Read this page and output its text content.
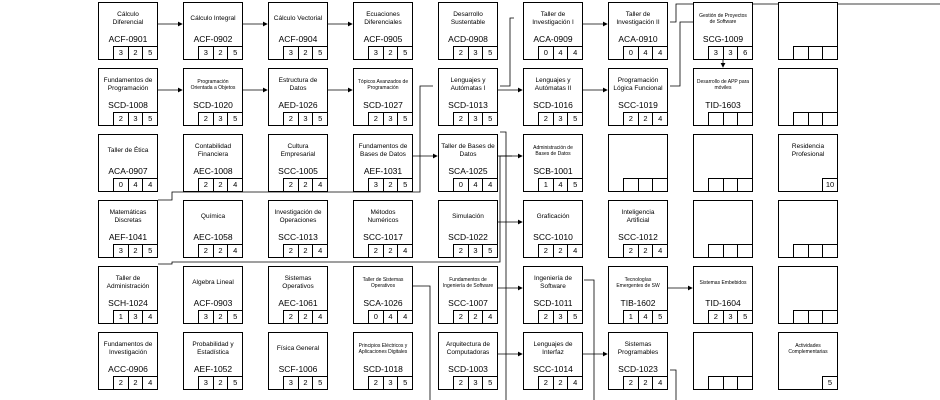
Cálculo Diferencial
ACF-0901
3	2	5
Cálculo Integral
ACF-0902
3	2	5
Cálculo Vectorial
ACF-0904
3	2	5
Ecuaciones Diferenciales
ACF-0905
3	2	5
Desarrollo Sustentable
ACD-0908
2	3	5
Taller de Investigación I
ACA-0909
0	4	4
Taller de Investigación II
ACA-0910
0	4	4
Gestión de Proyectos de Software
SCG-1009
3	3	6
Fundamentos de Programación
SCD-1008
2	3	5
Programación Orientada a Objetos
SCD-1020
2	3	5
Estructura de Datos
AED-1026
2	3	5
Tópicos Avanzados de Programación
SCD-1027
2	3	5
Lenguajes y Autómatas I
SCD-1013
2	3	5
Lenguajes y Autómatas II
SCD-1016
2	3	5
Programación Lógica Funcional
SCC-1019
2	2	4
Desarrollo de APP para móviles
TID-1603
Taller de Ética
ACA-0907
0	4	4
Contabilidad Financiera
AEC-1008
2	2	4
Cultura Empresarial
SCC-1005
2	2	4
Fundamentos de Bases de Datos
AEF-1031
3	2	5
Taller de Bases de Datos
SCA-1025
0	4	4
Administración de Bases de Datos
SCB-1001
1	4	5
Residencia Profesional
10
Matemáticas Discretas
AEF-1041
3	2	5
Química
AEC-1058
2	2	4
Investigación de Operaciones
SCC-1013
2	2	4
Métodos Numéricos
SCC-1017
2	2	4
Simulación
SCD-1022
2	3	5
Graficación
SCC-1010
2	2	4
Inteligencia Artificial
SCC-1012
2	2	4
Taller de Administración
SCH-1024
1	3	4
Algebra Lineal
ACF-0903
3	2	5
Sistemas Operativos
AEC-1061
2	2	4
Taller de Sistemas Operativos
SCA-1026
0	4	4
Fundamentos de Ingeniería de Software
SCC-1007
2	2	4
Ingeniería de Software
SCD-1011
2	3	5
Tecnologías Emergentes de SW
TIB-1602
1	4	5
Sistemas Embebidos
TID-1604
2	3	5
Fundamentos de Investigación
ACC-0906
2	2	4
Probabilidad y Estadística
AEF-1052
3	2	5
Física General
SCF-1006
3	2	5
Principios Eléctricos y Aplicaciones Digitales
SCD-1018
2	3	5
Arquitectura de Computadoras
SCD-1003
2	3	5
Lenguajes de Interfaz
SCC-1014
2	2	4
Sistemas Programables
SCD-1023
2	2	4
Actividades Complementarias
5
